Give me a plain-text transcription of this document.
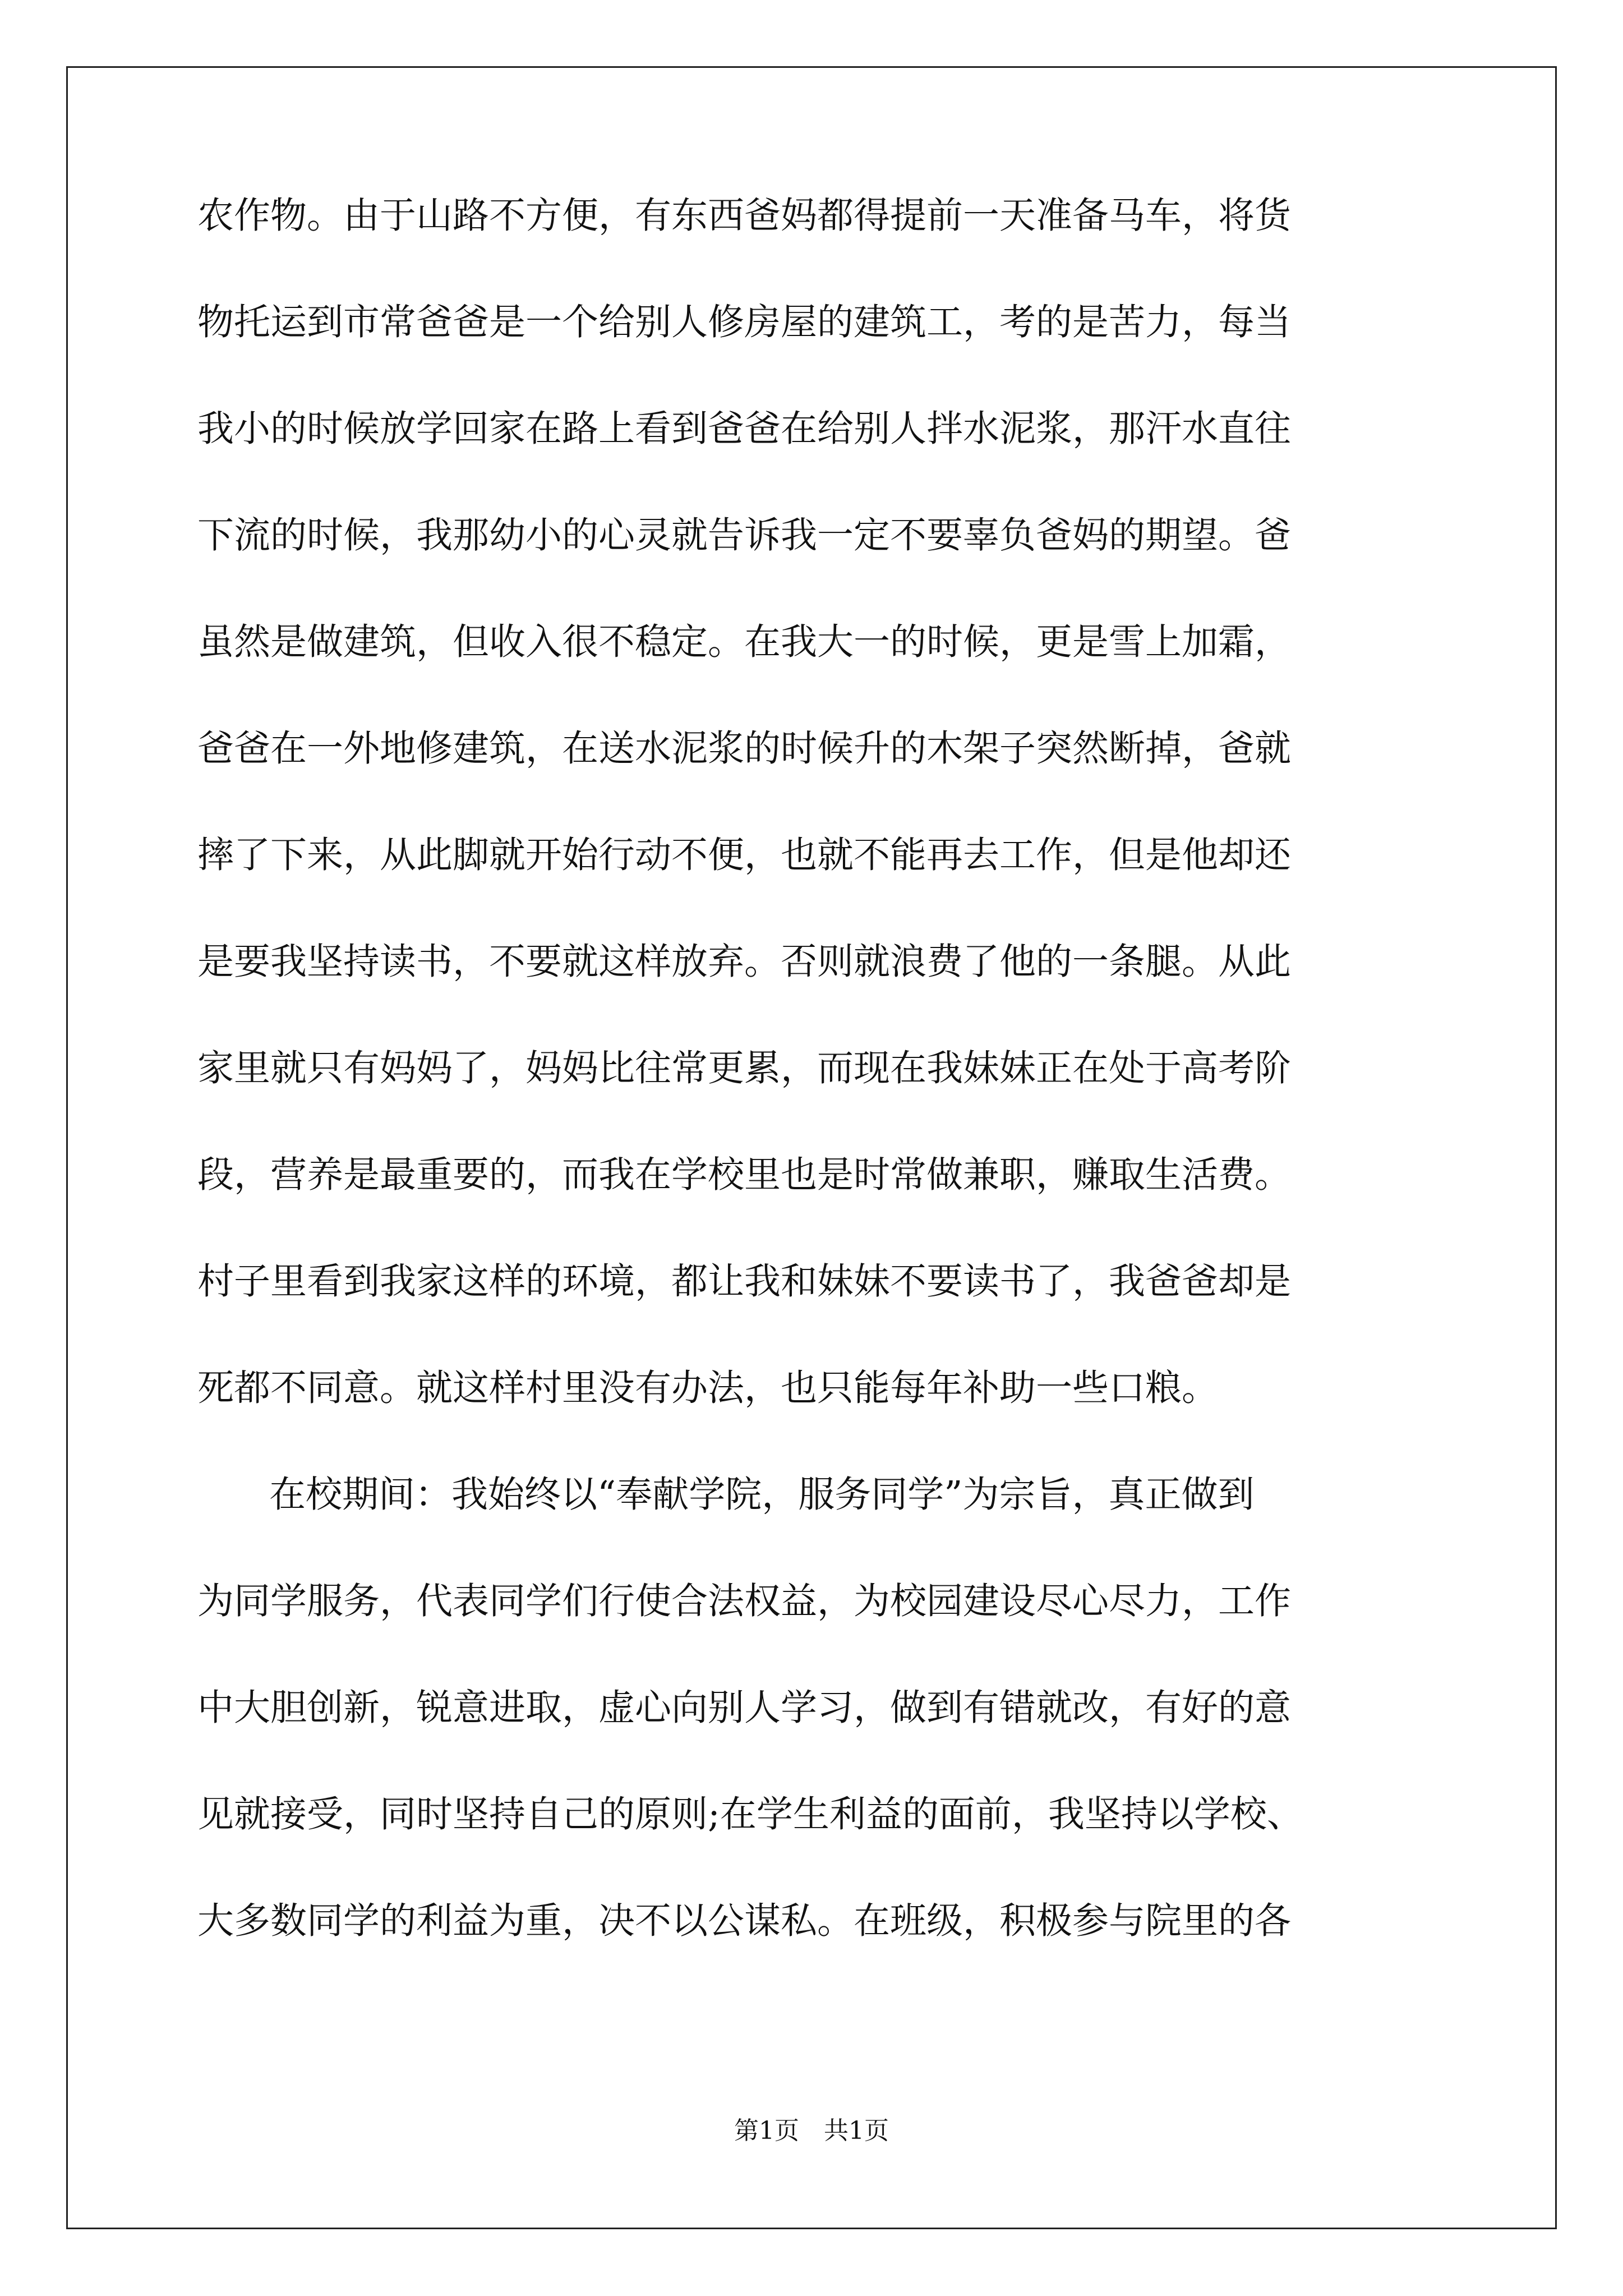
农作物。由于山路不方便，有东西爸妈都得提前一天准备马车，将货
物托运到市常爸爸是一个给别人修房屋的建筑工，考的是苦力，每当
我小的时候放学回家在路上看到爸爸在给别人拌水泥浆，那汗水直往
下流的时候，我那幼小的心灵就告诉我一定不要辜负爸妈的期望。爸
虽然是做建筑，但收入很不稳定。在我大一的时候，更是雪上加霜，
爸爸在一外地修建筑，在送水泥浆的时候升的木架子突然断掉，爸就
摔了下来，从此脚就开始行动不便，也就不能再去工作，但是他却还
是要我坚持读书，不要就这样放弃。否则就浪费了他的一条腿。从此
家里就只有妈妈了，妈妈比往常更累，而现在我妹妹正在处于高考阶
段，营养是最重要的，而我在学校里也是时常做兼职，赚取生活费。
村子里看到我家这样的环境，都让我和妹妹不要读书了，我爸爸却是
死都不同意。就这样村里没有办法，也只能每年补助一些口粮。
在校期间：我始终以“奉献学院，服务同学”为宗旨，真正做到
为同学服务，代表同学们行使合法权益，为校园建设尽心尽力，工作
中大胆创新，锐意进取，虚心向别人学习，做到有错就改，有好的意
见就接受，同时坚持自己的原则;在学生利益的面前，我坚持以学校、
大多数同学的利益为重，决不以公谋私。在班级，积极参与院里的各
第1页　共1页
